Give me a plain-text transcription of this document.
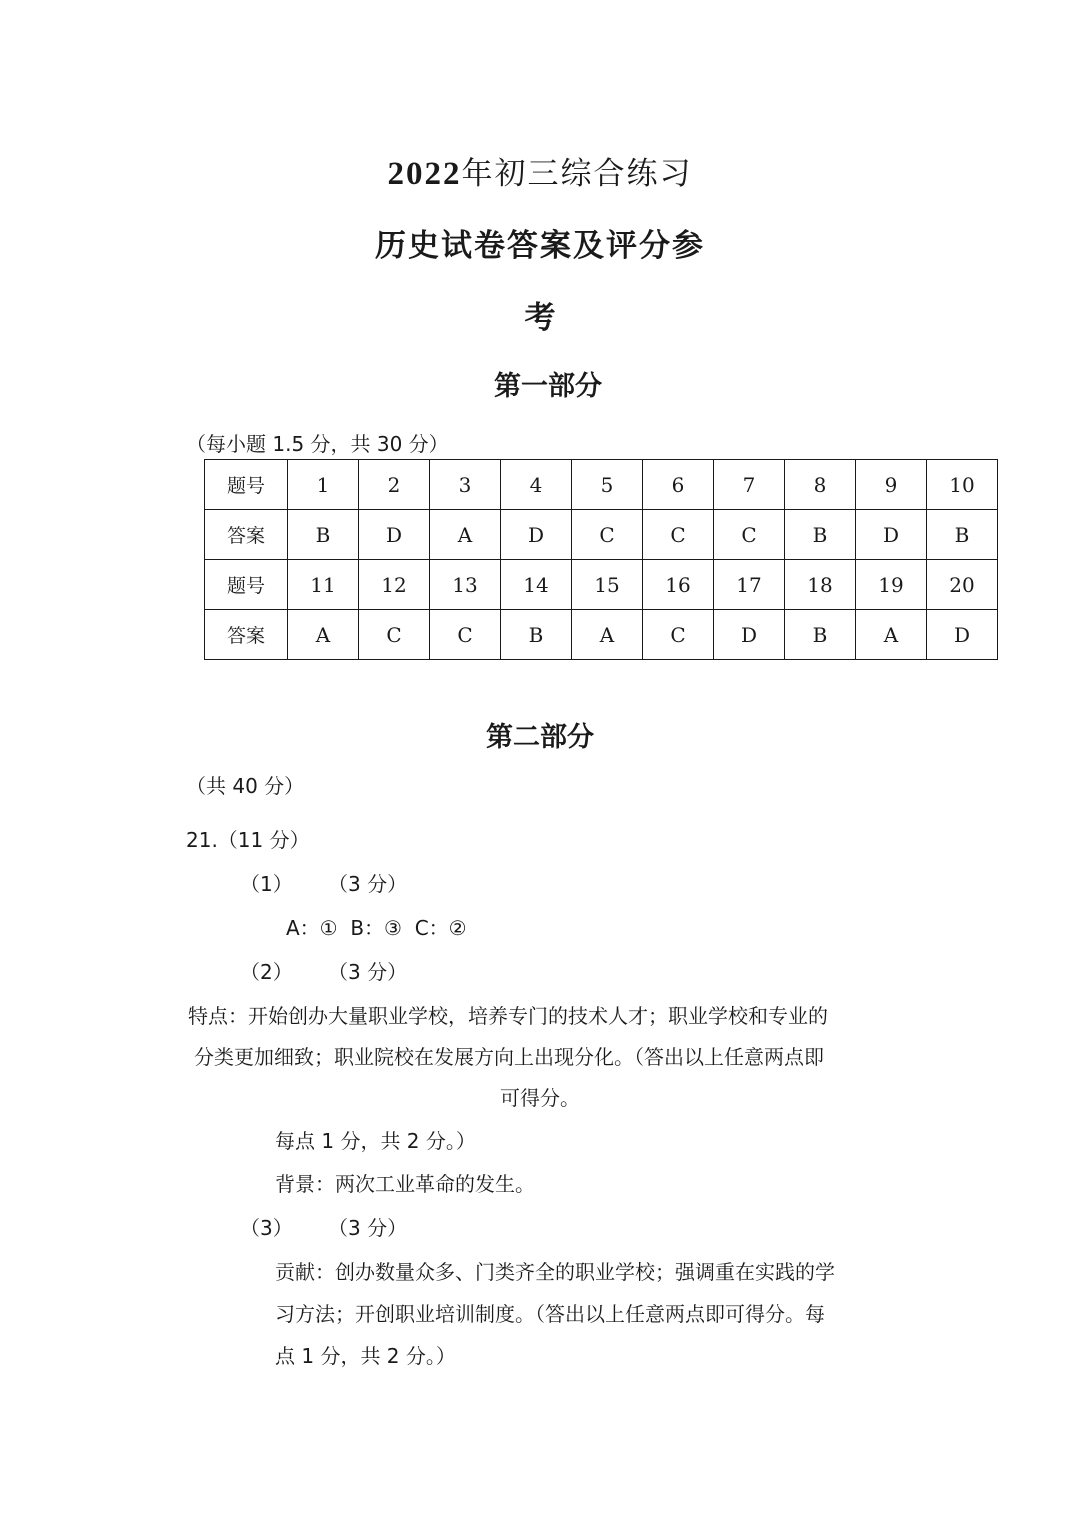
2022年初三综合练习
历史试卷答案及评分参
考
第一部分
（每小题 1.5 分，共 30 分）
题号	1	2	3	4	5	6	7	8	9	10
答案	B	D	A	D	C	C	C	B	D	B
题号	11	12	13	14	15	16	17	18	19	20
答案	A	C	C	B	A	C	D	B	A	D
第二部分
（共 40 分）
21.（11 分）
（1） （3 分）
A：①  B：③  C：②
（2） （3 分）
特点：开始创办大量职业学校，培养专门的技术人才；职业学校和专业的
分类更加细致；职业院校在发展方向上出现分化。（答出以上任意两点即
可得分。
每点 1 分，共 2 分。）
背景：两次工业革命的发生。
（3） （3 分）
贡献：创办数量众多、门类齐全的职业学校；强调重在实践的学
习方法；开创职业培训制度。（答出以上任意两点即可得分。每
点 1 分，共 2 分。）
